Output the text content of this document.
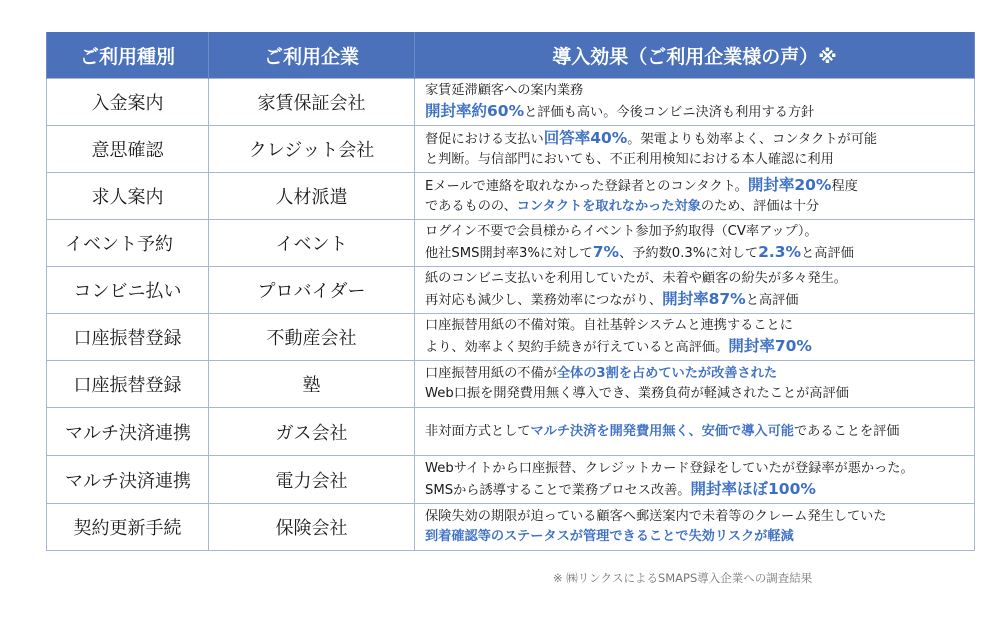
ご利用種別	ご利用企業	導入効果（ご利用企業様の声）※
入金案内	家賃保証会社	家賃延滞顧客への案内業務
開封率約60%と評価も高い。今後コンビニ決済も利用する方針

意思確認	クレジット会社	督促における支払い回答率40%。架電よりも効率よく、コンタクトが可能
と判断。与信部門においても、不正利用検知における本人確認に利用

求人案内	人材派遣	Eメールで連絡を取れなかった登録者とのコンタクト。開封率20%程度
であるものの、コンタクトを取れなかった対象のため、評価は十分

イベント予約	イベント	ログイン不要で会員様からイベント参加予約取得（CV率アップ）。
他社SMS開封率3%に対して7%、予約数0.3%に対して2.3%と高評価

コンビニ払い	プロバイダー	紙のコンビニ支払いを利用していたが、未着や顧客の紛失が多々発生。
再対応も減少し、業務効率につながり、開封率87%と高評価

口座振替登録	不動産会社	口座振替用紙の不備対策。自社基幹システムと連携することに
より、効率よく契約手続きが行えていると高評価。開封率70%

口座振替登録	塾	口座振替用紙の不備が全体の3割を占めていたが改善された
Web口振を開発費用無く導入でき、業務負荷が軽減されたことが高評価

マルチ決済連携	ガス会社	非対面方式としてマルチ決済を開発費用無く、安価で導入可能であることを評価

マルチ決済連携	電力会社	Webサイトから口座振替、クレジットカード登録をしていたが登録率が悪かった。
SMSから誘導することで業務プロセス改善。開封率ほぼ100%

契約更新手続	保険会社	保険失効の期限が迫っている顧客へ郵送案内で未着等のクレーム発生していた
到着確認等のステータスが管理できることで失効リスクが軽減
※ ㈱リンクスによるSMAPS導入企業への調査結果
